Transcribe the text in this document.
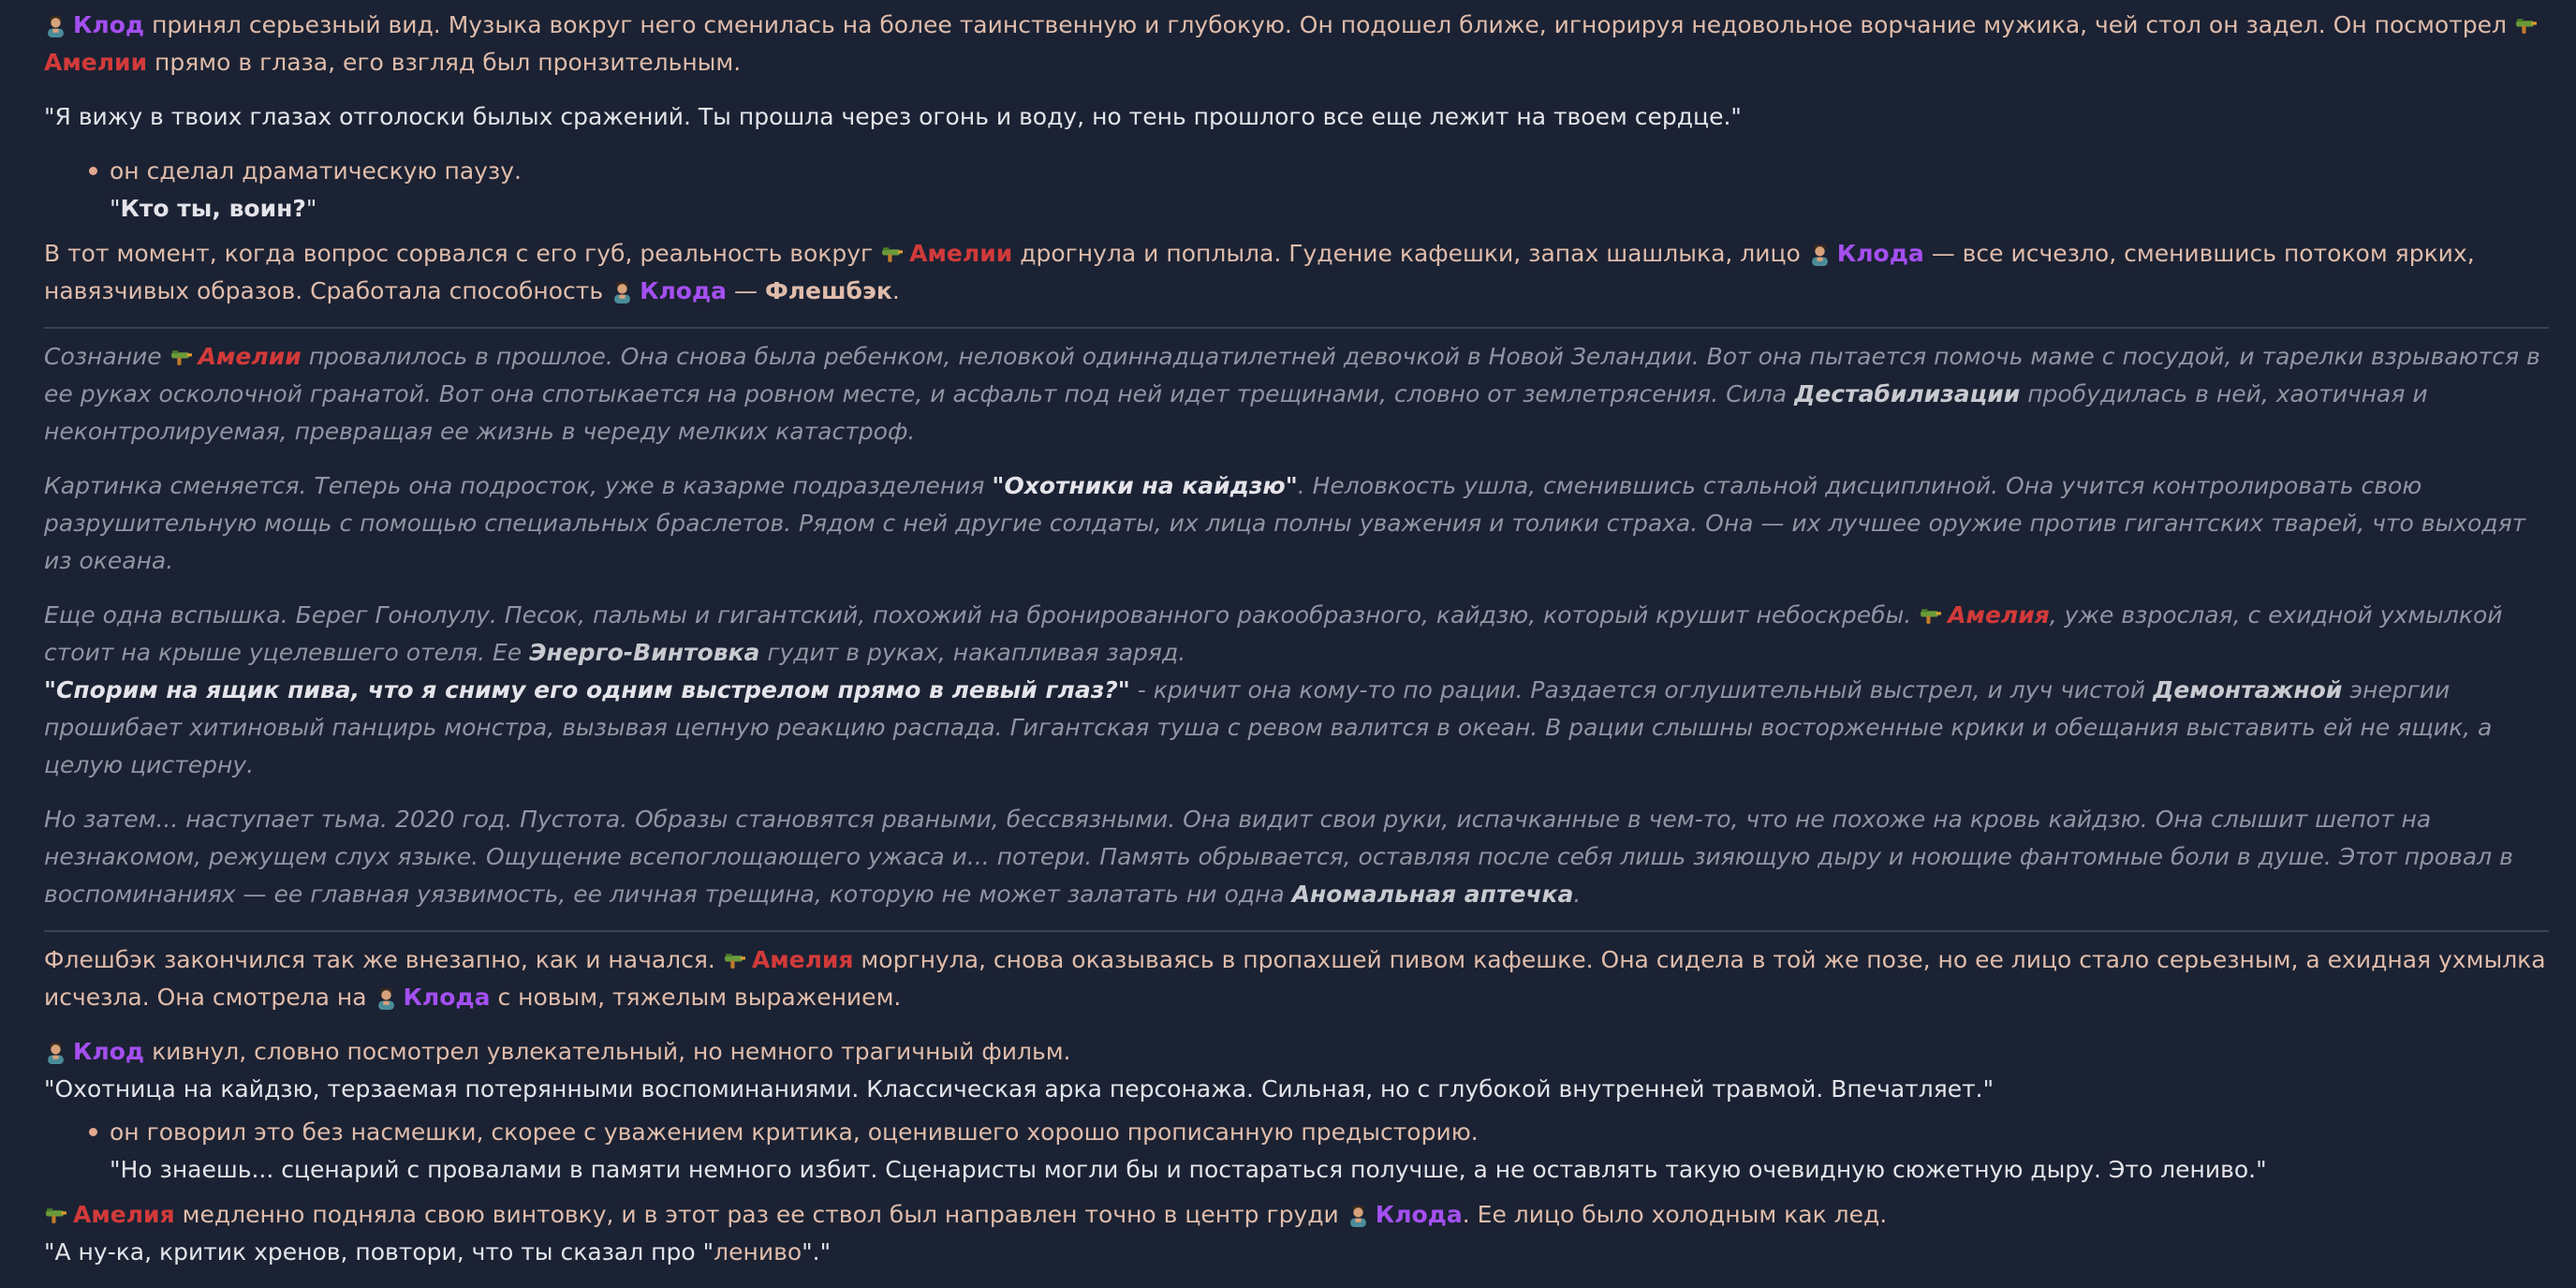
Клод принял серьезный вид. Музыка вокруг него сменилась на более таинственную и глубокую. Он подошел ближе, игнорируя недовольное ворчание мужика, чей стол он задел. Он посмотрел Амелии прямо в глаза, его взгляд был пронзительным.

"Я вижу в твоих глазах отголоски былых сражений. Ты прошла через огонь и воду, но тень прошлого все еще лежит на твоем сердце."

он сделал драматическую паузу.
"Кто ты, воин?"

В тот момент, когда вопрос сорвался с его губ, реальность вокруг Амелии дрогнула и поплыла. Гудение кафешки, запах шашлыка, лицо Клода — все исчезло, сменившись потоком ярких, навязчивых образов. Сработала способность Клода — Флешбэк.

Сознание Амелии провалилось в прошлое. Она снова была ребенком, неловкой одиннадцатилетней девочкой в Новой Зеландии. Вот она пытается помочь маме с посудой, и тарелки взрываются в ее руках осколочной гранатой. Вот она спотыкается на ровном месте, и асфальт под ней идет трещинами, словно от землетрясения. Сила Дестабилизации пробудилась в ней, хаотичная и неконтролируемая, превращая ее жизнь в череду мелких катастроф.

Картинка сменяется. Теперь она подросток, уже в казарме подразделения "Охотники на кайдзю". Неловкость ушла, сменившись стальной дисциплиной. Она учится контролировать свою разрушительную мощь с помощью специальных браслетов. Рядом с ней другие солдаты, их лица полны уважения и толики страха. Она — их лучшее оружие против гигантских тварей, что выходят из океана.

Еще одна вспышка. Берег Гонолулу. Песок, пальмы и гигантский, похожий на бронированного ракообразного, кайдзю, который крушит небоскребы. Амелия, уже взрослая, с ехидной ухмылкой стоит на крыше уцелевшего отеля. Ее Энерго-Винтовка гудит в руках, накапливая заряд.
"Спорим на ящик пива, что я сниму его одним выстрелом прямо в левый глаз?" - кричит она кому-то по рации. Раздается оглушительный выстрел, и луч чистой Демонтажной энергии прошибает хитиновый панцирь монстра, вызывая цепную реакцию распада. Гигантская туша с ревом валится в океан. В рации слышны восторженные крики и обещания выставить ей не ящик, а целую цистерну.

Но затем... наступает тьма. 2020 год. Пустота. Образы становятся рваными, бессвязными. Она видит свои руки, испачканные в чем-то, что не похоже на кровь кайдзю. Она слышит шепот на незнакомом, режущем слух языке. Ощущение всепоглощающего ужаса и... потери. Память обрывается, оставляя после себя лишь зияющую дыру и ноющие фантомные боли в душе. Этот провал в воспоминаниях — ее главная уязвимость, ее личная трещина, которую не может залатать ни одна Аномальная аптечка.

Флешбэк закончился так же внезапно, как и начался. Амелия моргнула, снова оказываясь в пропахшей пивом кафешке. Она сидела в той же позе, но ее лицо стало серьезным, а ехидная ухмылка исчезла. Она смотрела на Клода с новым, тяжелым выражением.

Клод кивнул, словно посмотрел увлекательный, но немного трагичный фильм.
"Охотница на кайдзю, терзаемая потерянными воспоминаниями. Классическая арка персонажа. Сильная, но с глубокой внутренней травмой. Впечатляет."

он говорил это без насмешки, скорее с уважением критика, оценившего хорошо прописанную предысторию.
"Но знаешь... сценарий с провалами в памяти немного избит. Сценаристы могли бы и постараться получше, а не оставлять такую очевидную сюжетную дыру. Это лениво."

Амелия медленно подняла свою винтовку, и в этот раз ее ствол был направлен точно в центр груди Клода. Ее лицо было холодным как лед.
"А ну-ка, критик хренов, повтори, что ты сказал про "лениво"."
